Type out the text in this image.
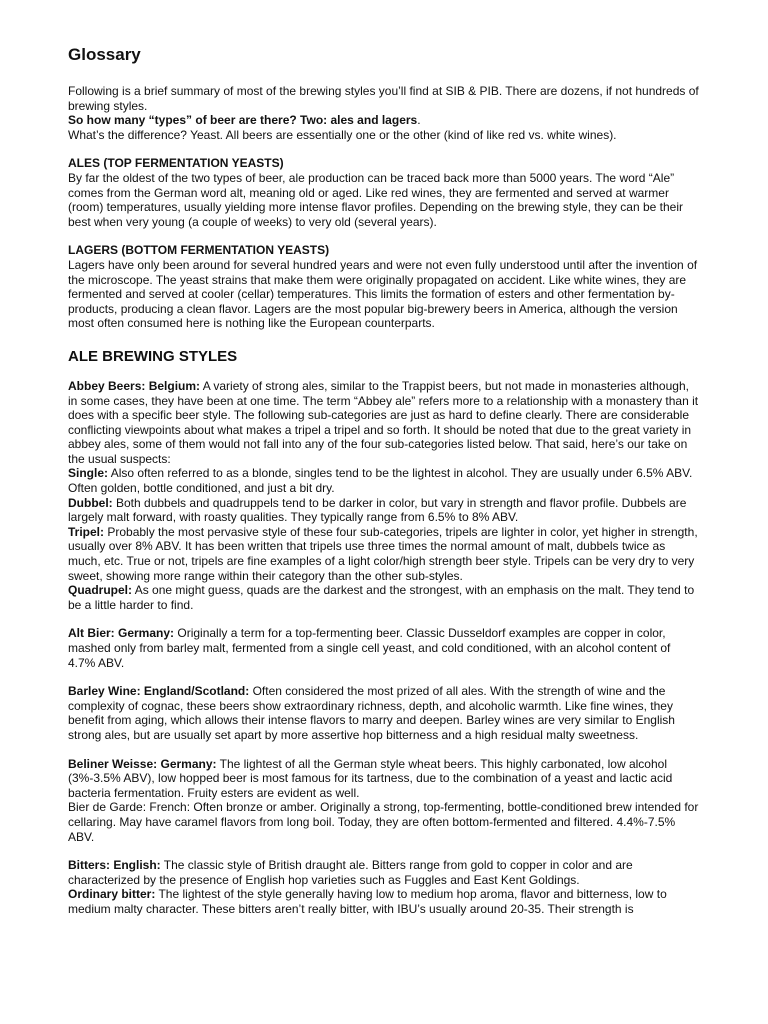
Glossary

Following is a brief summary of most of the brewing styles you’ll find at SIB & PIB. There are dozens, if not hundreds of brewing styles.

So how many “types” of beer are there? Two: ales and lagers.

What’s the difference? Yeast. All beers are essentially one or the other (kind of like red vs. white wines).

ALES (TOP FERMENTATION YEASTS)

By far the oldest of the two types of beer, ale production can be traced back more than 5000 years. The word “Ale” comes from the German word alt, meaning old or aged. Like red wines, they are fermented and served at warmer (room) temperatures, usually yielding more intense flavor profiles. Depending on the brewing style, they can be their best when very young (a couple of weeks) to very old (several years).

LAGERS (BOTTOM FERMENTATION YEASTS)

Lagers have only been around for several hundred years and were not even fully understood until after the invention of the microscope. The yeast strains that make them were originally propagated on accident. Like white wines, they are fermented and served at cooler (cellar) temperatures. This limits the formation of esters and other fermentation by-products, producing a clean flavor. Lagers are the most popular big-brewery beers in America, although the version most often consumed here is nothing like the European counterparts.

ALE BREWING STYLES

Abbey Beers: Belgium: A variety of strong ales, similar to the Trappist beers, but not made in monasteries although, in some cases, they have been at one time. The term “Abbey ale” refers more to a relationship with a monastery than it does with a specific beer style. The following sub-categories are just as hard to define clearly. There are considerable conflicting viewpoints about what makes a tripel a tripel and so forth. It should be noted that due to the great variety in abbey ales, some of them would not fall into any of the four sub-categories listed below. That said, here’s our take on the usual suspects:

Single: Also often referred to as a blonde, singles tend to be the lightest in alcohol. They are usually under 6.5% ABV. Often golden, bottle conditioned, and just a bit dry.

Dubbel: Both dubbels and quadruppels tend to be darker in color, but vary in strength and flavor profile. Dubbels are largely malt forward, with roasty qualities. They typically range from 6.5% to 8% ABV.

Tripel: Probably the most pervasive style of these four sub-categories, tripels are lighter in color, yet higher in strength, usually over 8% ABV. It has been written that tripels use three times the normal amount of malt, dubbels twice as much, etc. True or not, tripels are fine examples of a light color/high strength beer style. Tripels can be very dry to very sweet, showing more range within their category than the other sub-styles.

Quadrupel: As one might guess, quads are the darkest and the strongest, with an emphasis on the malt. They tend to be a little harder to find.

Alt Bier: Germany: Originally a term for a top-fermenting beer. Classic Dusseldorf examples are copper in color, mashed only from barley malt, fermented from a single cell yeast, and cold conditioned, with an alcohol content of 4.7% ABV.

Barley Wine: England/Scotland: Often considered the most prized of all ales. With the strength of wine and the complexity of cognac, these beers show extraordinary richness, depth, and alcoholic warmth. Like fine wines, they benefit from aging, which allows their intense flavors to marry and deepen. Barley wines are very similar to English strong ales, but are usually set apart by more assertive hop bitterness and a high residual malty sweetness.

Beliner Weisse: Germany: The lightest of all the German style wheat beers. This highly carbonated, low alcohol (3%-3.5% ABV), low hopped beer is most famous for its tartness, due to the combination of a yeast and lactic acid bacteria fermentation. Fruity esters are evident as well.

Bier de Garde: French: Often bronze or amber. Originally a strong, top-fermenting, bottle-conditioned brew intended for cellaring. May have caramel flavors from long boil. Today, they are often bottom-fermented and filtered. 4.4%-7.5% ABV.

Bitters: English: The classic style of British draught ale. Bitters range from gold to copper in color and are characterized by the presence of English hop varieties such as Fuggles and East Kent Goldings.

Ordinary bitter: The lightest of the style generally having low to medium hop aroma, flavor and bitterness, low to medium malty character. These bitters aren’t really bitter, with IBU’s usually around 20-35. Their strength is
